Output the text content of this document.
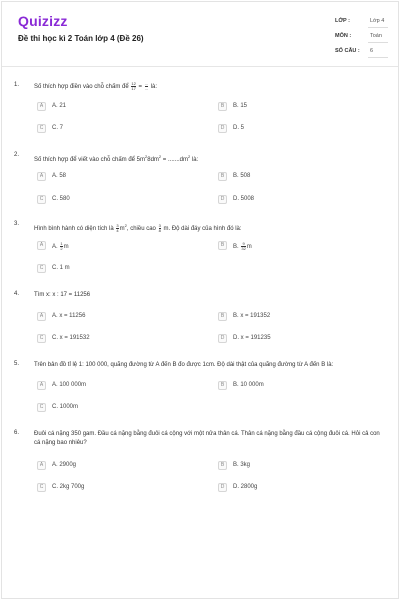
Quizizz
Đề thi học kì 2 Toán lớp 4 (Đề 26)
LỚP :	Lớp 4
MÔN :	Toán
SỐ CÂU : 6
1. Số thích hợp điền vào chỗ chấm để $\frac{12}{17} = \frac{...}{...}$ là:
A	A. 21	B	B. 15
C	C. 7	D	D. 5
2.
Số thích hợp để viết vào chỗ chấm để $5m^28dm^2 = .......dm^2$ là:
A	A. 58	B	B. 508
C	C. 580	D	D. 5008
3.
Hình bình hành có diện tích là $\frac{3}{4} m^2$, chiều cao $\frac{3}{8} m$. Độ dài đáy của hình đó là:
A	A. $\frac{1}{2}$ m	B	B. $\frac{9}{32}$ m
C	C. 1 m
4. Tìm x: x : 17 = 11256
A	A. x = 11256	B	B. x = 191352
C	C. x = 191532	D	D. x = 191235
5. Trên bản đồ tỉ lệ 1: 100 000, quãng đường từ A đến B đo được 1cm. Độ dài thật của quãng đường từ A đến B là:
A	A. 100 000m	B	B. 10 000m
C	C. 1000m
6. Đuôi cá nặng 350 gam. Đầu cá nặng bằng đuôi cá cộng với một nửa thân cá. Thân cá nặng bằng đầu cá cộng đuôi cá. Hỏi cả con cá nặng bao nhiêu?
A	A. 2900g	B	B. 3kg
C	C. 2kg 700g	D	D. 2800g
